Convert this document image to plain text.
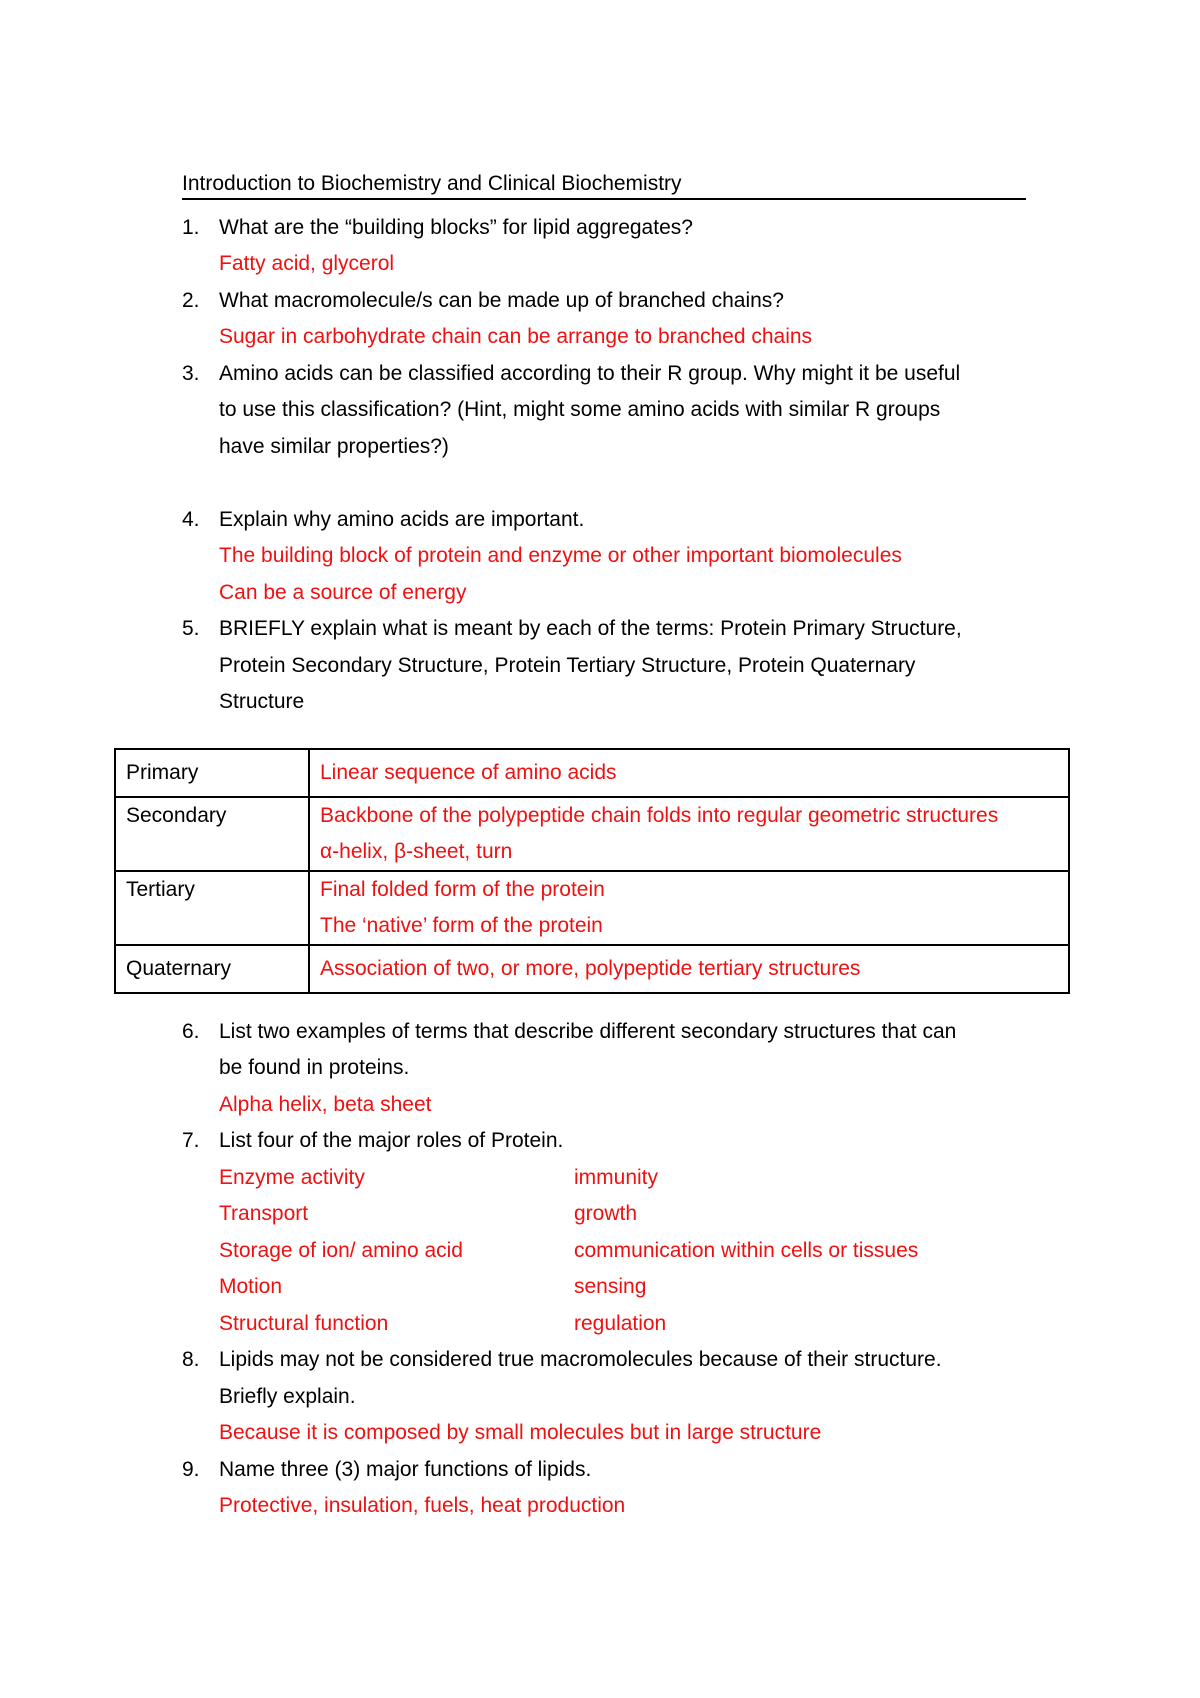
Introduction to Biochemistry and Clinical Biochemistry
1. What are the “building blocks” for lipid aggregates?
Fatty acid, glycerol
2. What macromolecule/s can be made up of branched chains?
Sugar in carbohydrate chain can be arrange to branched chains
3. Amino acids can be classified according to their R group. Why might it be useful
to use this classification? (Hint, might some amino acids with similar R groups
have similar properties?)
4. Explain why amino acids are important.
The building block of protein and enzyme or other important biomolecules
Can be a source of energy
5. BRIEFLY explain what is meant by each of the terms: Protein Primary Structure,
Protein Secondary Structure, Protein Tertiary Structure, Protein Quaternary
Structure
Primary	Linear sequence of amino acids

Secondary	Backbone of the polypeptide chain folds into regular geometric structures
α-helix, β-sheet, turn

Tertiary	Final folded form of the protein
The ‘native’ form of the protein

Quaternary	Association of two, or more, polypeptide tertiary structures
6. List two examples of terms that describe different secondary structures that can
be found in proteins.
Alpha helix, beta sheet
7. List four of the major roles of Protein.
Enzyme activity	immunity
Transport	growth
Storage of ion/ amino acid	communication within cells or tissues
Motion	sensing
Structural function	regulation
8. Lipids may not be considered true macromolecules because of their structure.
Briefly explain.
Because it is composed by small molecules but in large structure
9. Name three (3) major functions of lipids.
Protective, insulation, fuels, heat production
